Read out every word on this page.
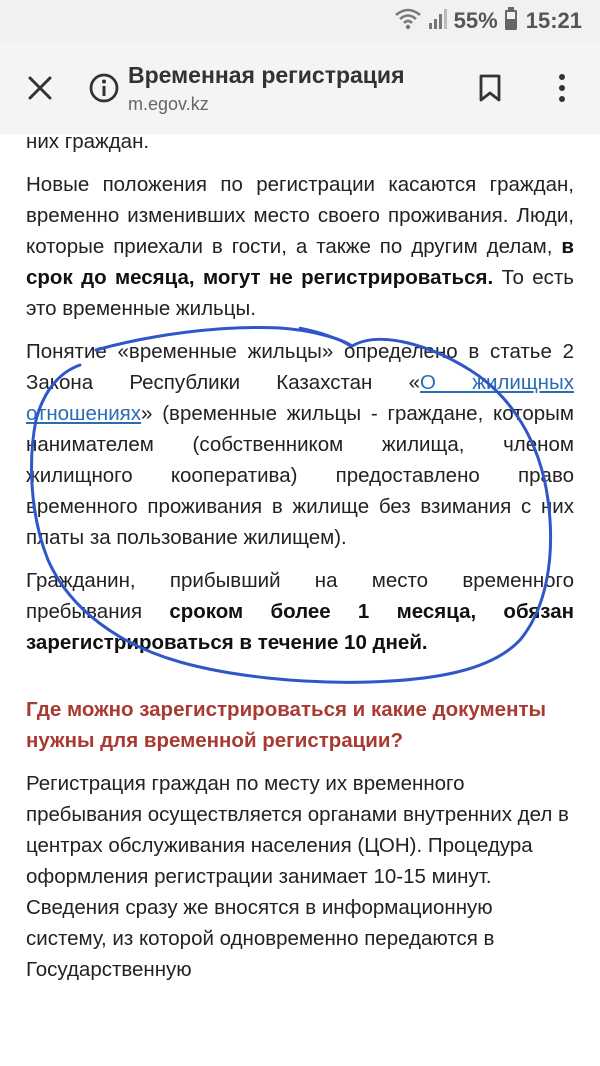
55% 15:21
Временная регистрация
m.egov.kz
них граждан.

Новые положения по регистрации касаются граждан, временно изменивших место своего проживания. Люди, которые приехали в гости, а также по другим делам, в срок до месяца, могут не регистрироваться. То есть это временные жильцы.

Понятие «временные жильцы» определено в статье 2 Закона Республики Казахстан «О жилищных отношениях» (временные жильцы - граждане, которым нанимателем (собственником жилища, членом жилищного кооператива) предоставлено право временного проживания в жилище без взимания с них платы за пользование жилищем).

Гражданин, прибывший на место временного пребывания сроком более 1 месяца, обязан зарегистрироваться в течение 10 дней.

Где можно зарегистрироваться и какие документы нужны для временной регистрации?

Регистрация граждан по месту их временного пребывания осуществляется органами внутренних дел в центрах обслуживания населения (ЦОН). Процедура оформления регистрации занимает 10-15 минут. Сведения сразу же вносятся в информационную систему, из которой одновременно передаются в Государственную
